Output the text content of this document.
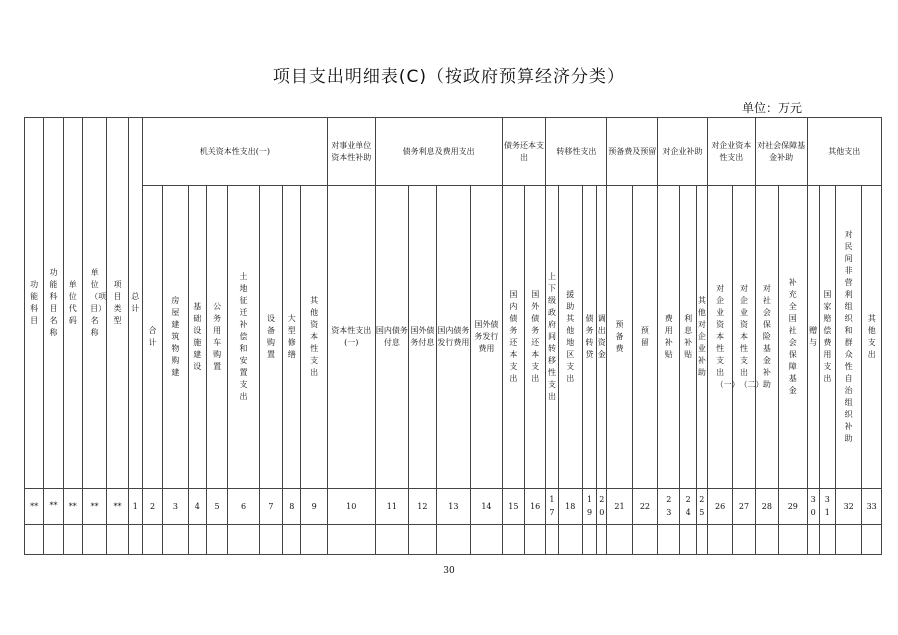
项目支出明细表(C)（按政府预算经济分类）
单位：万元
功能科目	功能科目名称	单位代码	单位（项目）名称	项目类型	总计	机关资本性支出(一)								对事业单位资本性补助	债务利息及费用支出				债务还本支出		转移性支出				预备费及预留		对企业补助			对企业资本性支出		对社会保障基金补助		其他支出			
						合计	房屋建筑物购建	基础设施建设	公务用车购置	土地征迁补偿和安置支出	设备购置	大型修缮	其他资本性支出	资本性支出(一)	国内债务付息	国外债务付息	国内债务发行费用	国外债务发行费用	国内债务还本支出	国外债务还本支出	上下级政府间转移性支出	援助其他地区支出	债务转贷	调出资金	预备费	预留	费用补贴	利息补贴	其他对企业补助	对企业资本性支出（一）	对企业资本性支出（二）	对社会保险基金补助	补充全国社会保障基金	赠与	国家赔偿费用支出	对民间非营利组织和群众性自治组织补助	其他支出
**	**	**	**	**	1	2	3	4	5	6	7	8	9	10	11	12	13	14	15	16	17	18	19	20	21	22	23	24	25	26	27	28	29	30	31	32	33

30
